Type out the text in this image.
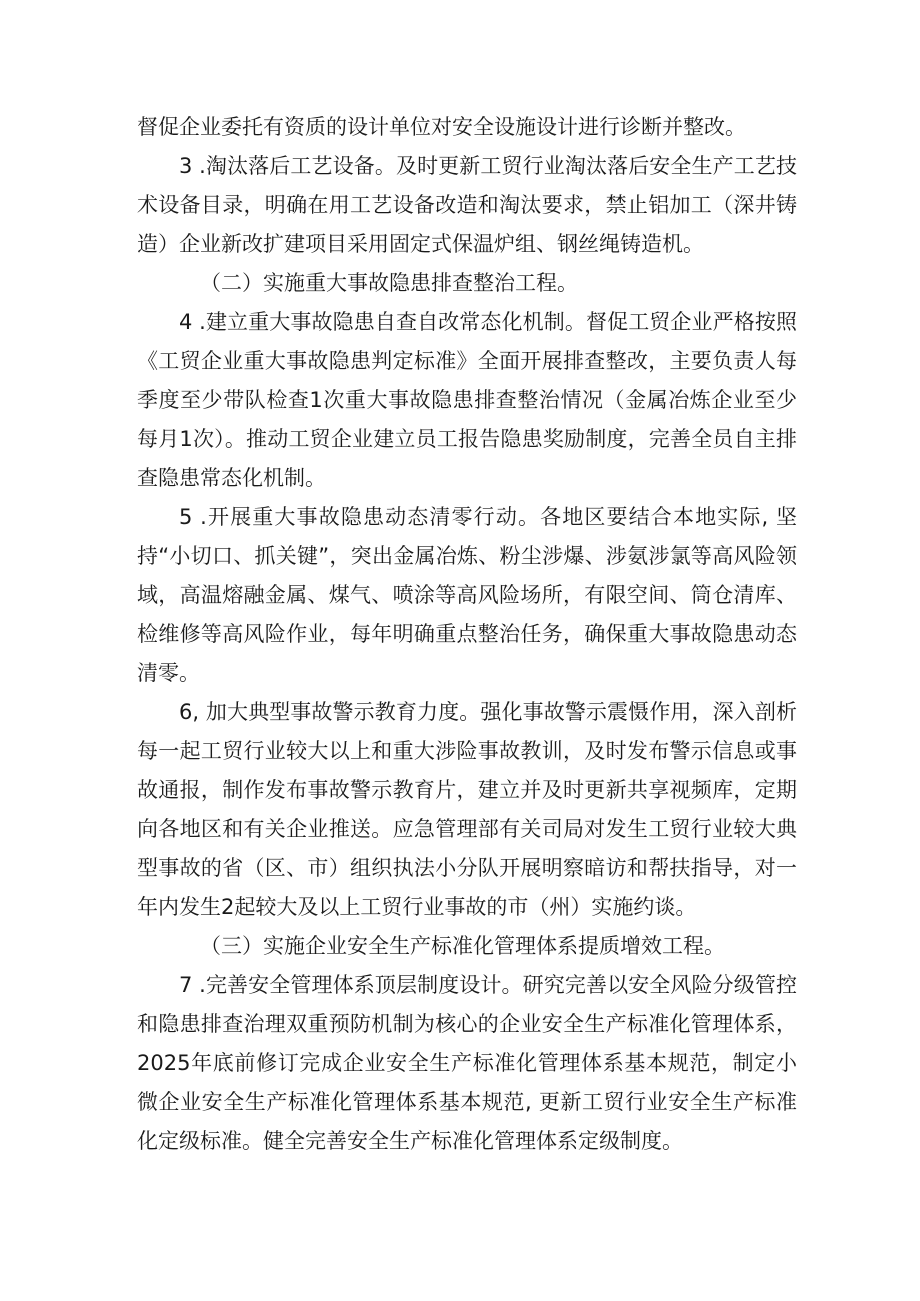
督促企业委托有资质的设计单位对安全设施设计进行诊断并整改。

3 .淘汰落后工艺设备。及时更新工贸行业淘汰落后安全生产工艺技术设备目录，明确在用工艺设备改造和淘汰要求，禁止铝加工（深井铸造）企业新改扩建项目采用固定式保温炉组、钢丝绳铸造机。

（二）实施重大事故隐患排查整治工程。

4 .建立重大事故隐患自查自改常态化机制。督促工贸企业严格按照《工贸企业重大事故隐患判定标准》全面开展排查整改，主要负责人每季度至少带队检查1次重大事故隐患排查整治情况（金属冶炼企业至少每月1次）。推动工贸企业建立员工报告隐患奖励制度，完善全员自主排查隐患常态化机制。

5 .开展重大事故隐患动态清零行动。各地区要结合本地实际, 坚持“小切口、抓关键”，突出金属冶炼、粉尘涉爆、涉氨涉氯等高风险领域，高温熔融金属、煤气、喷涂等高风险场所，有限空间、筒仓清库、检维修等高风险作业，每年明确重点整治任务，确保重大事故隐患动态清零。

6, 加大典型事故警示教育力度。强化事故警示震慑作用，深入剖析每一起工贸行业较大以上和重大涉险事故教训，及时发布警示信息或事故通报，制作发布事故警示教育片，建立并及时更新共享视频库，定期向各地区和有关企业推送。应急管理部有关司局对发生工贸行业较大典型事故的省（区、市）组织执法小分队开展明察暗访和帮扶指导，对一年内发生2起较大及以上工贸行业事故的市（州）实施约谈。

（三）实施企业安全生产标准化管理体系提质增效工程。

7 .完善安全管理体系顶层制度设计。研究完善以安全风险分级管控和隐患排查治理双重预防机制为核心的企业安全生产标准化管理体系，2025年底前修订完成企业安全生产标准化管理体系基本规范，制定小微企业安全生产标准化管理体系基本规范, 更新工贸行业安全生产标准化定级标准。健全完善安全生产标准化管理体系定级制度。
